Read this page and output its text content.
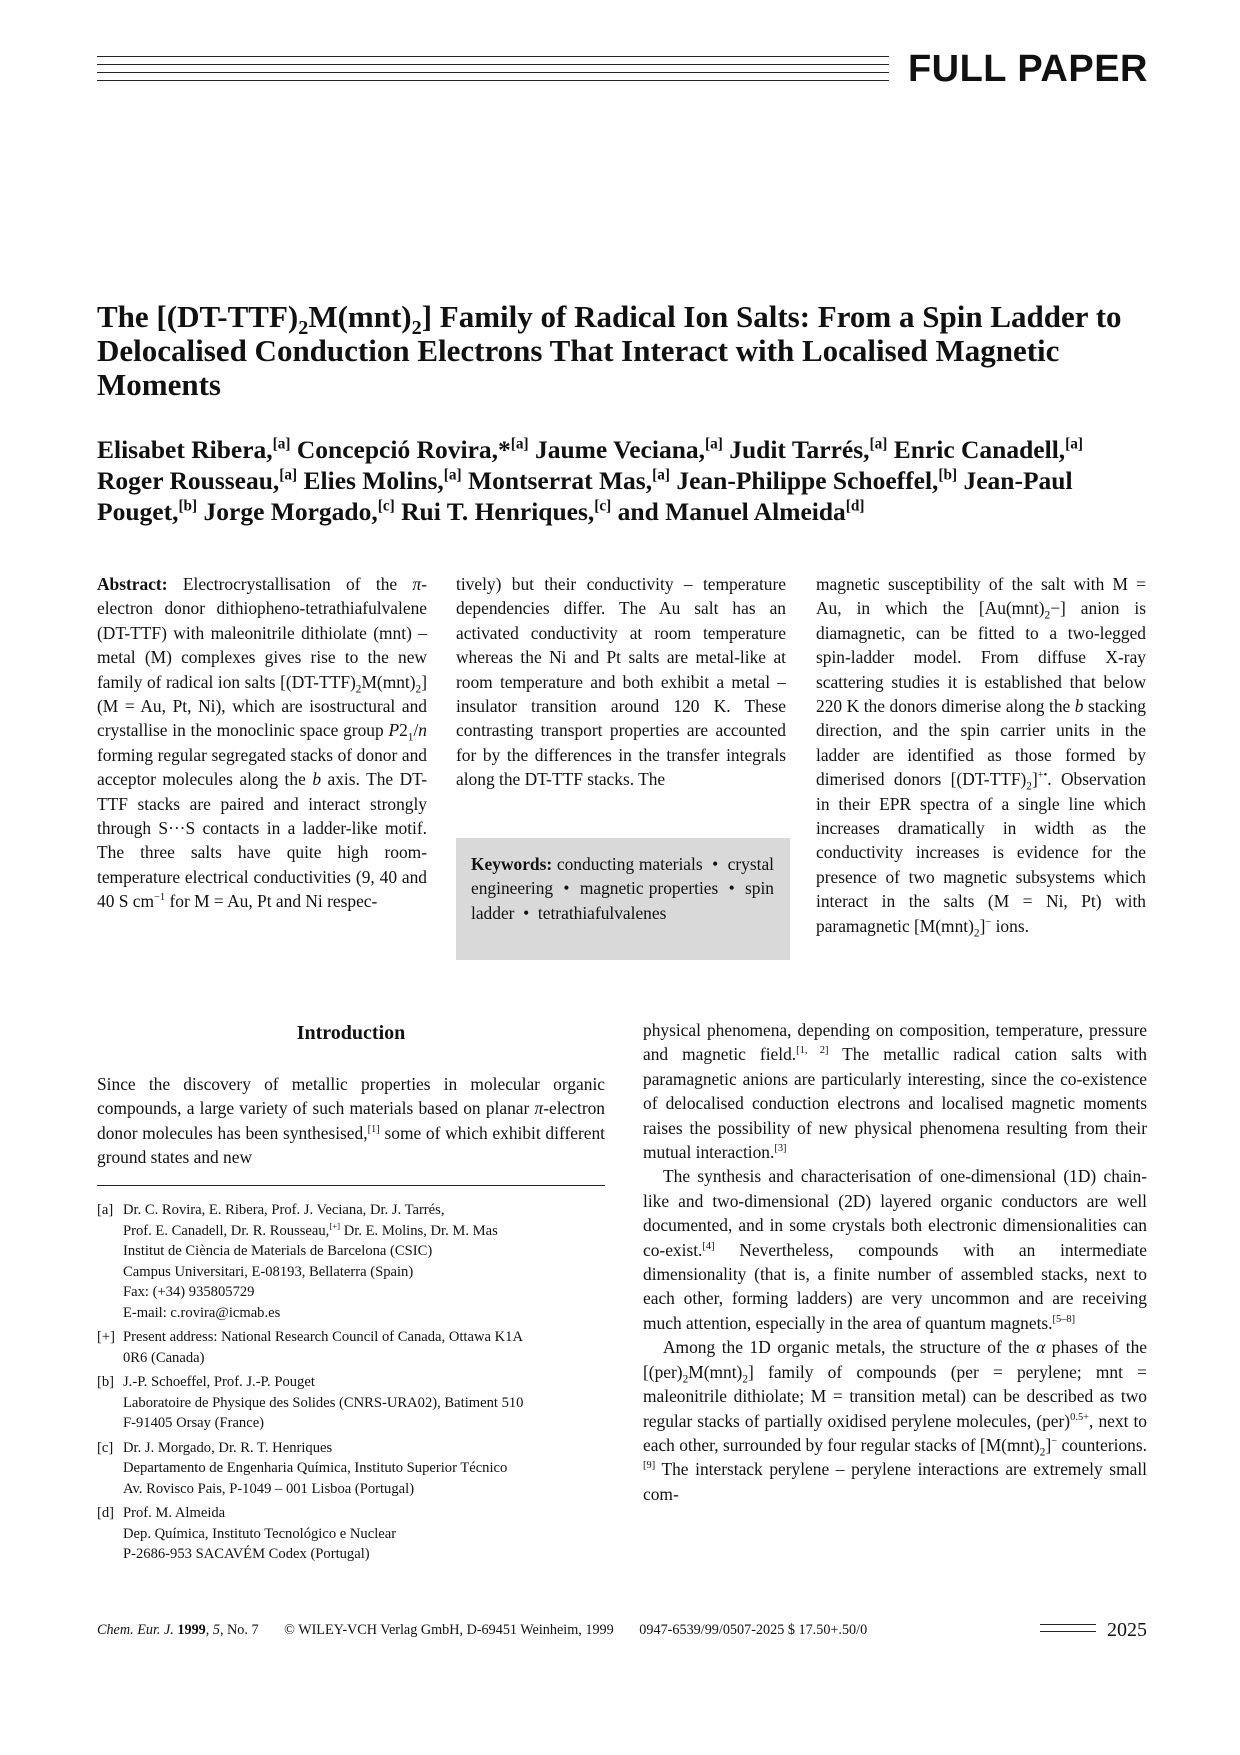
FULL PAPER
The $[(DT-TTF)_2M(mnt)_2]$ Family of Radical Ion Salts: From a Spin Ladder to Delocalised Conduction Electrons That Interact with Localised Magnetic Moments
Elisabet Ribera,[a] Concepció Rovira,*[a] Jaume Veciana,[a] Judit Tarrés,[a] Enric Canadell,[a] Roger Rousseau,[a] Elies Molins,[a] Montserrat Mas,[a] Jean-Philippe Schoeffel,[b] Jean-Paul Pouget,[b] Jorge Morgado,[c] Rui T. Henriques,[c] and Manuel Almeida[d]
Abstract: Electrocrystallisation of the π-electron donor dithiopheno-tetrathiafulvalene (DT-TTF) with maleonitrile dithiolate (mnt) – metal (M) complexes gives rise to the new family of radical ion salts $[(DT-TTF)_2M(mnt)_2] (M = Au$, Pt, Ni), which are isostructural and crystallise in the monoclinic space group $P2_1/n$ forming regular segregated stacks of donor and acceptor molecules along the b axis. The DT-TTF stacks are paired and interact strongly through S···S contacts in a ladder-like motif. The three salts have quite high room-temperature electrical conductivities (9, 40 and 40 S $cm^{-1}$ for M = Au, Pt and Ni respec-
tively) but their conductivity – temperature dependencies differ. The Au salt has an activated conductivity at room temperature whereas the Ni and Pt salts are metal-like at room temperature and both exhibit a metal – insulator transition around 120 K. These contrasting transport properties are accounted for by the differences in the transfer integrals along the DT-TTF stacks. The
magnetic susceptibility of the salt with M = Au, in which the $[Au(mnt)_2-]$ anion is diamagnetic, can be fitted to a two-legged spin-ladder model. From diffuse X-ray scattering studies it is established that below 220 K the donors dimerise along the b stacking direction, and the spin carrier units in the ladder are identified as those formed by dimerised donors $[(DT-TTF)_2]^{+•}$. Observation in their EPR spectra of a single line which increases dramatically in width as the conductivity increases is evidence for the presence of two magnetic subsystems which interact in the salts (M = Ni, Pt) with paramagnetic $[M(mnt)_2]^-$ ions.
Keywords: conducting materials  •  crystal engineering  •  magnetic properties  •  spin ladder  •  tetrathiafulvalenes
Introduction
Since the discovery of metallic properties in molecular organic compounds, a large variety of such materials based on planar π-electron donor molecules has been synthesised,[1] some of which exhibit different ground states and new
[a] Dr. C. Rovira, E. Ribera, Prof. J. Veciana, Dr. J. Tarrés,
Prof. E. Canadell, Dr. R. Rousseau,[+] Dr. E. Molins, Dr. M. Mas
Institut de Ciència de Materials de Barcelona (CSIC)
Campus Universitari, E-08193, Bellaterra (Spain)
Fax: (+34) 935805729
E-mail: c.rovira@icmab.es
[+] Present address: National Research Council of Canada, Ottawa K1A
0R6 (Canada)
[b] J.-P. Schoeffel, Prof. J.-P. Pouget
Laboratoire de Physique des Solides (CNRS-URA02), Batiment 510
F-91405 Orsay (France)
[c] Dr. J. Morgado, Dr. R. T. Henriques
Departamento de Engenharia Química, Instituto Superior Técnico
Av. Rovisco Pais, P-1049 – 001 Lisboa (Portugal)
[d] Prof. M. Almeida
Dep. Química, Instituto Tecnológico e Nuclear
P-2686-953 SACAVÉM Codex (Portugal)

physical phenomena, depending on composition, temperature, pressure and magnetic field.[1, 2] The metallic radical cation salts with paramagnetic anions are particularly interesting, since the co-existence of delocalised conduction electrons and localised magnetic moments raises the possibility of new physical phenomena resulting from their mutual interaction.[3]

The synthesis and characterisation of one-dimensional (1D) chain-like and two-dimensional (2D) layered organic conductors are well documented, and in some crystals both electronic dimensionalities can co-exist.[4] Nevertheless, compounds with an intermediate dimensionality (that is, a finite number of assembled stacks, next to each other, forming ladders) are very uncommon and are receiving much attention, especially in the area of quantum magnets.[5–8]

Among the 1D organic metals, the structure of the α phases of the $[(per)_2M(mnt)_2]$ family of compounds (per = perylene; mnt = maleonitrile dithiolate; M = transition metal) can be described as two regular stacks of partially oxidised perylene molecules, (per)$^{0.5+}$, next to each other, surrounded by four regular stacks of $[M(mnt)_2]^-$ counterions.[9] The interstack perylene – perylene interactions are extremely small com-

Chem. Eur. J. 1999, 5, No. 7 © WILEY-VCH Verlag GmbH, D-69451 Weinheim, 1999 0947-6539/99/0507-2025 $ 17.50+.50/0	2025
